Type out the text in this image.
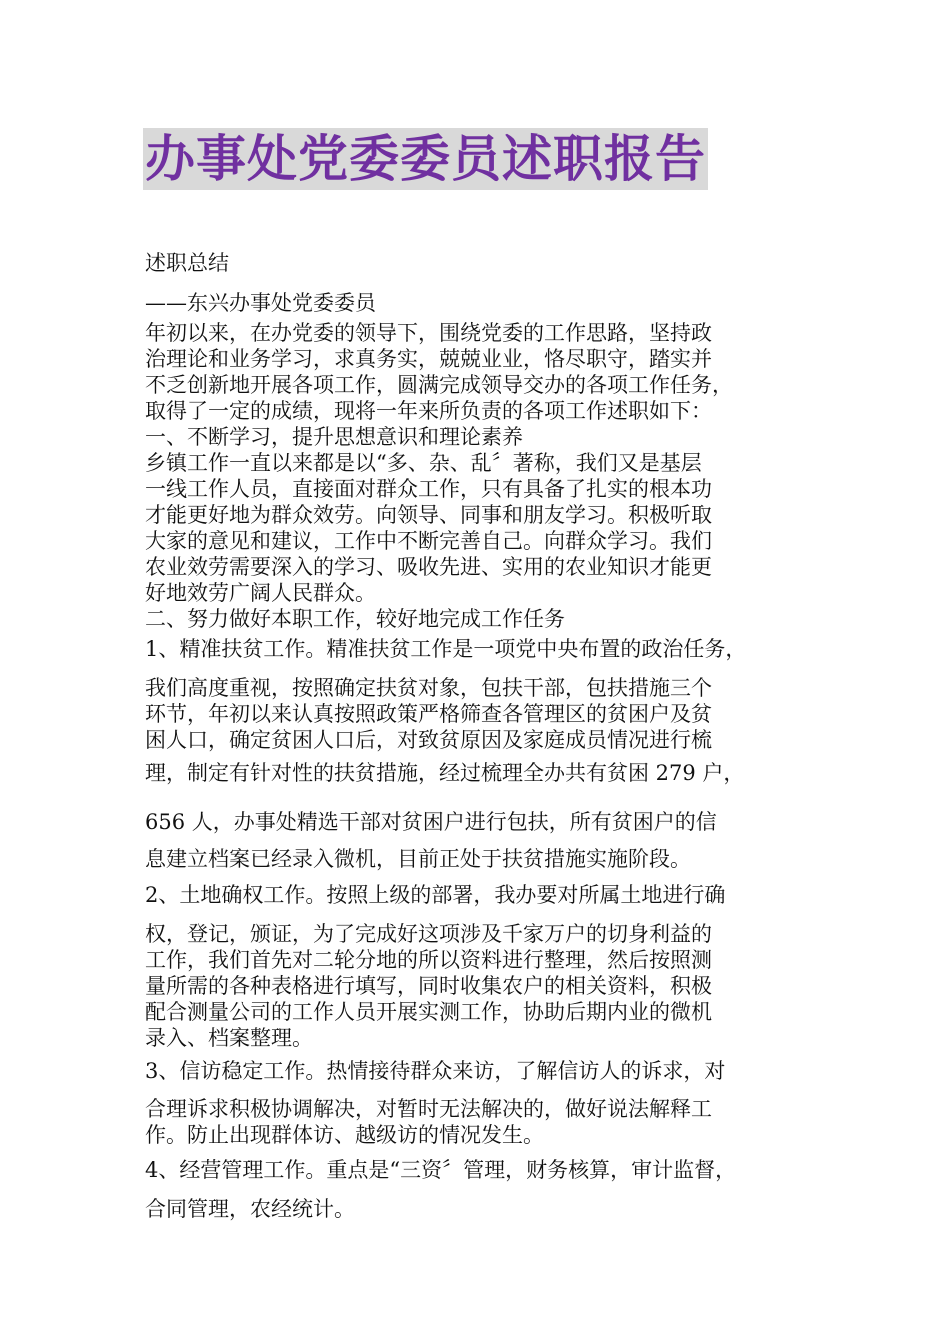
办事处党委委员述职报告
述职总结
——东兴办事处党委委员
年初以来，在办党委的领导下，围绕党委的工作思路，坚持政
治理论和业务学习，求真务实，兢兢业业，恪尽职守，踏实并
不乏创新地开展各项工作，圆满完成领导交办的各项工作任务，
取得了一定的成绩，现将一年来所负责的各项工作述职如下：
一、不断学习，提升思想意识和理论素养
乡镇工作一直以来都是以“多、杂、乱〞著称，我们又是基层
一线工作人员，直接面对群众工作，只有具备了扎实的根本功
才能更好地为群众效劳。向领导、同事和朋友学习。积极听取
大家的意见和建议，工作中不断完善自己。向群众学习。我们
农业效劳需要深入的学习、吸收先进、实用的农业知识才能更
好地效劳广阔人民群众。
二、努力做好本职工作，较好地完成工作任务
1、精准扶贫工作。精准扶贫工作是一项党中央布置的政治任务，
我们高度重视，按照确定扶贫对象，包扶干部，包扶措施三个
环节，年初以来认真按照政策严格筛查各管理区的贫困户及贫
困人口，确定贫困人口后，对致贫原因及家庭成员情况进行梳
理，制定有针对性的扶贫措施，经过梳理全办共有贫困 279 户，
656 人，办事处精选干部对贫困户进行包扶，所有贫困户的信
息建立档案已经录入微机，目前正处于扶贫措施实施阶段。
2、土地确权工作。按照上级的部署，我办要对所属土地进行确
权，登记，颁证，为了完成好这项涉及千家万户的切身利益的
工作，我们首先对二轮分地的所以资料进行整理，然后按照测
量所需的各种表格进行填写，同时收集农户的相关资料，积极
配合测量公司的工作人员开展实测工作，协助后期内业的微机
录入、档案整理。
3、信访稳定工作。热情接待群众来访，了解信访人的诉求，对
合理诉求积极协调解决，对暂时无法解决的，做好说法解释工
作。防止出现群体访、越级访的情况发生。
4、经营管理工作。重点是“三资〞管理，财务核算，审计监督，
合同管理，农经统计。
